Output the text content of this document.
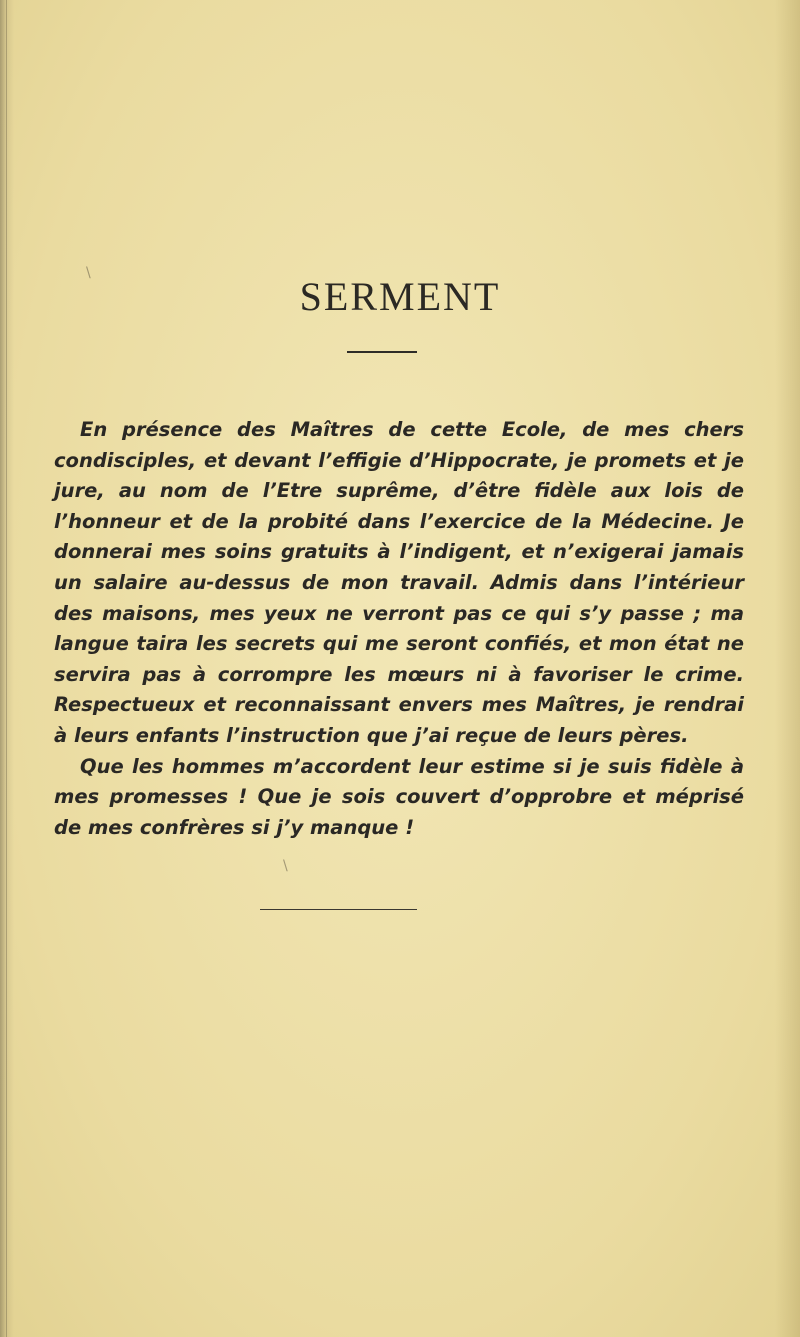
SERMENT

En présence des Maîtres de cette Ecole, de mes chers condisciples, et devant l’effigie d’Hippocrate, je promets et je jure, au nom de l’Etre suprême, d’être fidèle aux lois de l’honneur et de la probité dans l’exercice de la Médecine. Je donnerai mes soins gratuits à l’indigent, et n’exigerai jamais un salaire au-dessus de mon travail. Admis dans l’intérieur des maisons, mes yeux ne verront pas ce qui s’y passe ; ma langue taira les secrets qui me seront confiés, et mon état ne servira pas à corrompre les mœurs ni à favoriser le crime. Respectueux et reconnaissant envers mes Maîtres, je rendrai à leurs enfants l’instruction que j’ai reçue de leurs pères.

Que les hommes m’accordent leur estime si je suis fidèle à mes promesses ! Que je sois couvert d’opprobre et méprisé de mes confrères si j’y manque !

\
\
